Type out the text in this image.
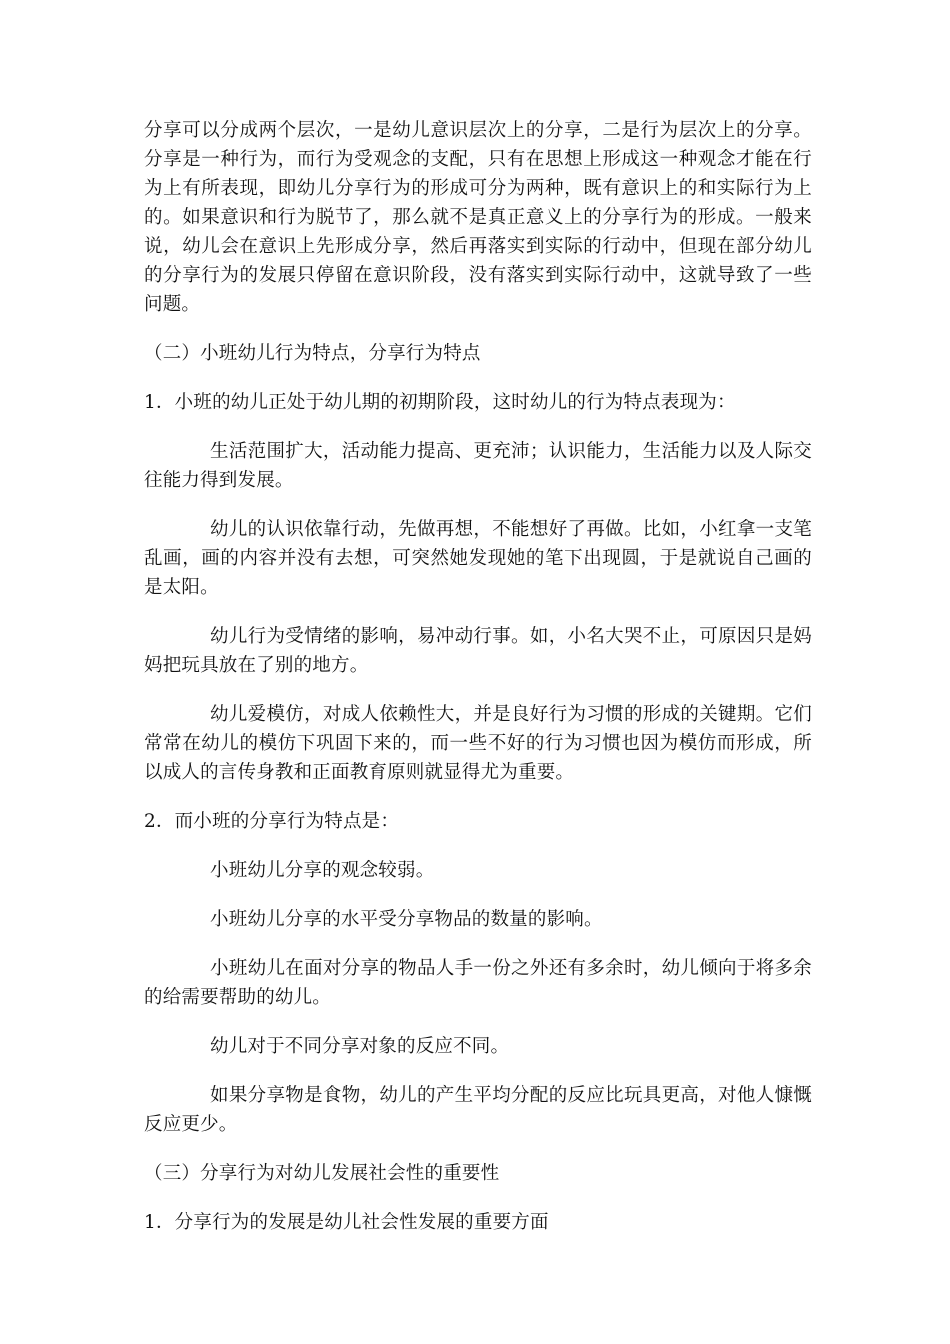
分享可以分成两个层次，一是幼儿意识层次上的分享，二是行为层次上的分享。分享是一种行为，而行为受观念的支配，只有在思想上形成这一种观念才能在行为上有所表现，即幼儿分享行为的形成可分为两种，既有意识上的和实际行为上的。如果意识和行为脱节了，那么就不是真正意义上的分享行为的形成。一般来说，幼儿会在意识上先形成分享，然后再落实到实际的行动中，但现在部分幼儿的分享行为的发展只停留在意识阶段，没有落实到实际行动中，这就导致了一些问题。

（二）小班幼儿行为特点，分享行为特点

1．小班的幼儿正处于幼儿期的初期阶段，这时幼儿的行为特点表现为：

生活范围扩大，活动能力提高、更充沛；认识能力，生活能力以及人际交往能力得到发展。

幼儿的认识依靠行动，先做再想，不能想好了再做。比如，小红拿一支笔乱画，画的内容并没有去想，可突然她发现她的笔下出现圆，于是就说自己画的是太阳。

幼儿行为受情绪的影响，易冲动行事。如，小名大哭不止，可原因只是妈妈把玩具放在了别的地方。

幼儿爱模仿，对成人依赖性大，并是良好行为习惯的形成的关键期。它们常常在幼儿的模仿下巩固下来的，而一些不好的行为习惯也因为模仿而形成，所以成人的言传身教和正面教育原则就显得尤为重要。

2．而小班的分享行为特点是：

小班幼儿分享的观念较弱。

小班幼儿分享的水平受分享物品的数量的影响。

小班幼儿在面对分享的物品人手一份之外还有多余时，幼儿倾向于将多余的给需要帮助的幼儿。

幼儿对于不同分享对象的反应不同。

如果分享物是食物，幼儿的产生平均分配的反应比玩具更高，对他人慷慨反应更少。

（三）分享行为对幼儿发展社会性的重要性

1．分享行为的发展是幼儿社会性发展的重要方面
